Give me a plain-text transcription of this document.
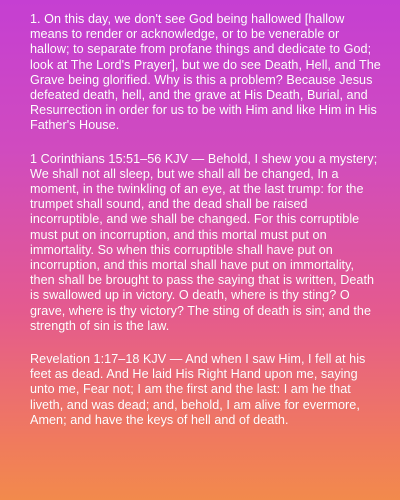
1. On this day, we don't see God being hallowed [hallow means to render or acknowledge, or to be venerable or hallow; to separate from profane things and dedicate to God; look at The Lord's Prayer], but we do see Death, Hell, and The Grave being glorified. Why is this a problem? Because Jesus defeated death, hell, and the grave at His Death, Burial, and Resurrection in order for us to be with Him and like Him in His Father's House.

1 Corinthians 15:51–56 KJV — Behold, I shew you a mystery; We shall not all sleep, but we shall all be changed, In a moment, in the twinkling of an eye, at the last trump: for the trumpet shall sound, and the dead shall be raised incorruptible, and we shall be changed. For this corruptible must put on incorruption, and this mortal must put on immortality. So when this corruptible shall have put on incorruption, and this mortal shall have put on immortality, then shall be brought to pass the saying that is written, Death is swallowed up in victory. O death, where is thy sting? O grave, where is thy victory? The sting of death is sin; and the strength of sin is the law.

Revelation 1:17–18 KJV — And when I saw Him, I fell at his feet as dead. And He laid His Right Hand upon me, saying unto me, Fear not; I am the first and the last: I am he that liveth, and was dead; and, behold, I am alive for evermore, Amen; and have the keys of hell and of death.
